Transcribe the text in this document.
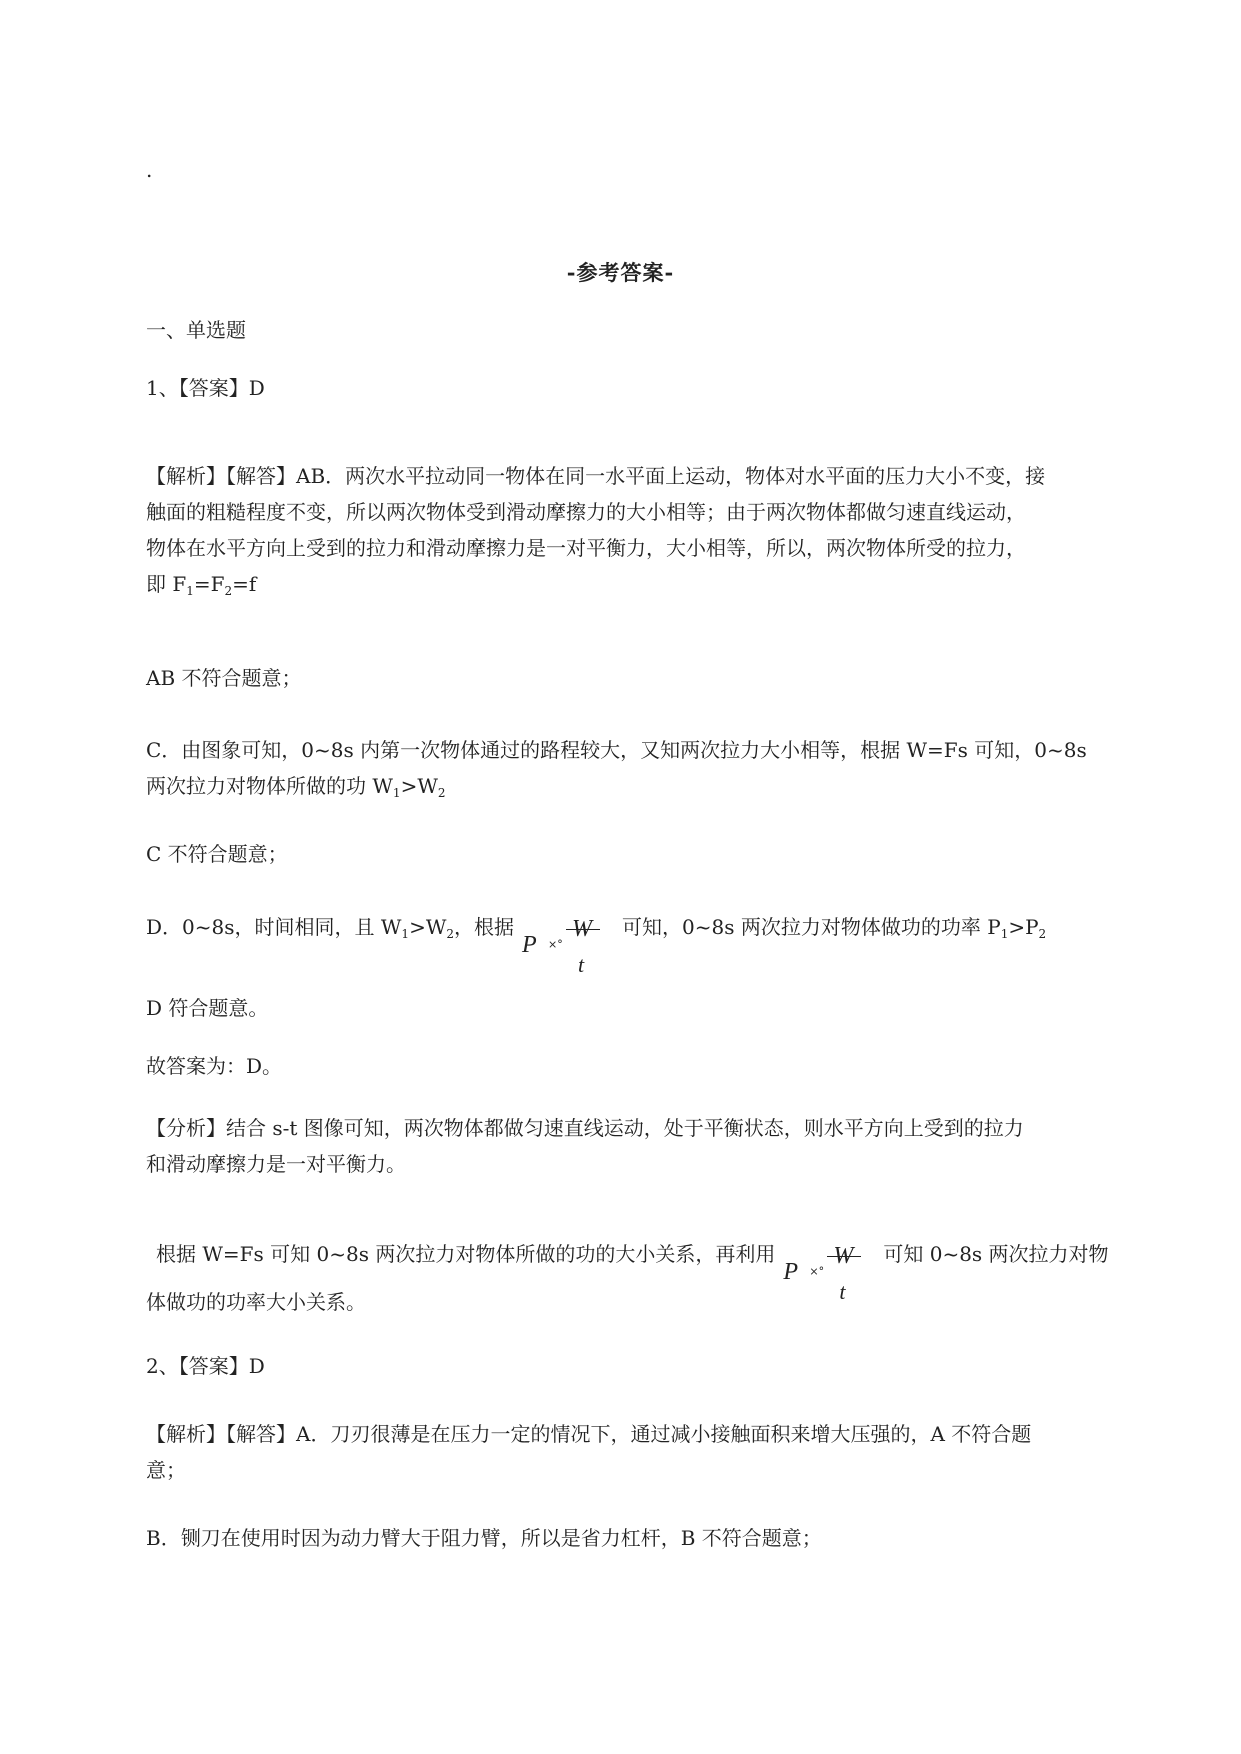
.
-参考答案-

一、单选题

1、【答案】D

【解析】【解答】AB．两次水平拉动同一物体在同一水平面上运动，物体对水平面的压力大小不变，接
触面的粗糙程度不变，所以两次物体受到滑动摩擦力的大小相等；由于两次物体都做匀速直线运动，
物体在水平方向上受到的拉力和滑动摩擦力是一对平衡力，大小相等，所以，两次物体所受的拉力，
即 $F_1=F_2=f$

AB 不符合题意；

C．由图象可知，0~8s 内第一次物体通过的路程较大，又知两次拉力大小相等，根据 W=Fs 可知，0~8s
两次拉力对物体所做的功 $W_1>W_2$

C 不符合题意；

D．0~8s，时间相同，且 $W_1>W_2$，根据
P ×°
W
t
可知，0~8s 两次拉力对物体做功的功率 $P_1>P_2$

D 符合题意。

故答案为：D。

【分析】结合 s-t 图像可知，两次物体都做匀速直线运动，处于平衡状态，则水平方向上受到的拉力
和滑动摩擦力是一对平衡力。
根据 W=Fs 可知 0~8s 两次拉力对物体所做的功的大小关系，再利用
P ×°
W
t
可知 0~8s 两次拉力对物

体做功的功率大小关系。

2、【答案】D

【解析】【解答】A．刀刃很薄是在压力一定的情况下，通过减小接触面积来增大压强的，A 不符合题
意；

B．铡刀在使用时因为动力臂大于阻力臂，所以是省力杠杆，B 不符合题意；
